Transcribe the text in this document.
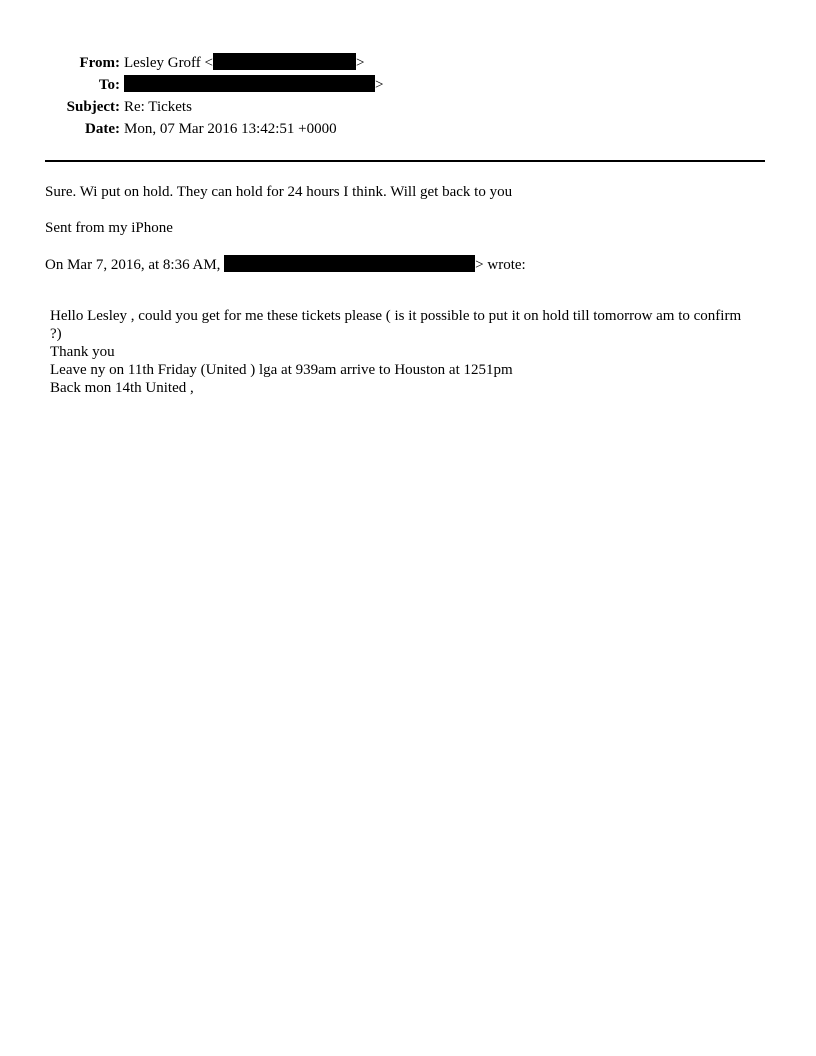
From: Lesley Groff <	>
To:	>
Subject: Re: Tickets
Date: Mon, 07 Mar 2016 13:42:51 +0000
Sure. Wi put on hold. They can hold for 24 hours I think. Will get back to you
Sent from my iPhone
On Mar 7, 2016, at 8:36 AM,	> wrote:
Hello Lesley , could you get for me these tickets please ( is it possible to put it on hold till tomorrow am to confirm ?)
Thank you
Leave ny on 11th Friday (United ) lga at 939am arrive to Houston at 1251pm
Back mon 14th United ,
